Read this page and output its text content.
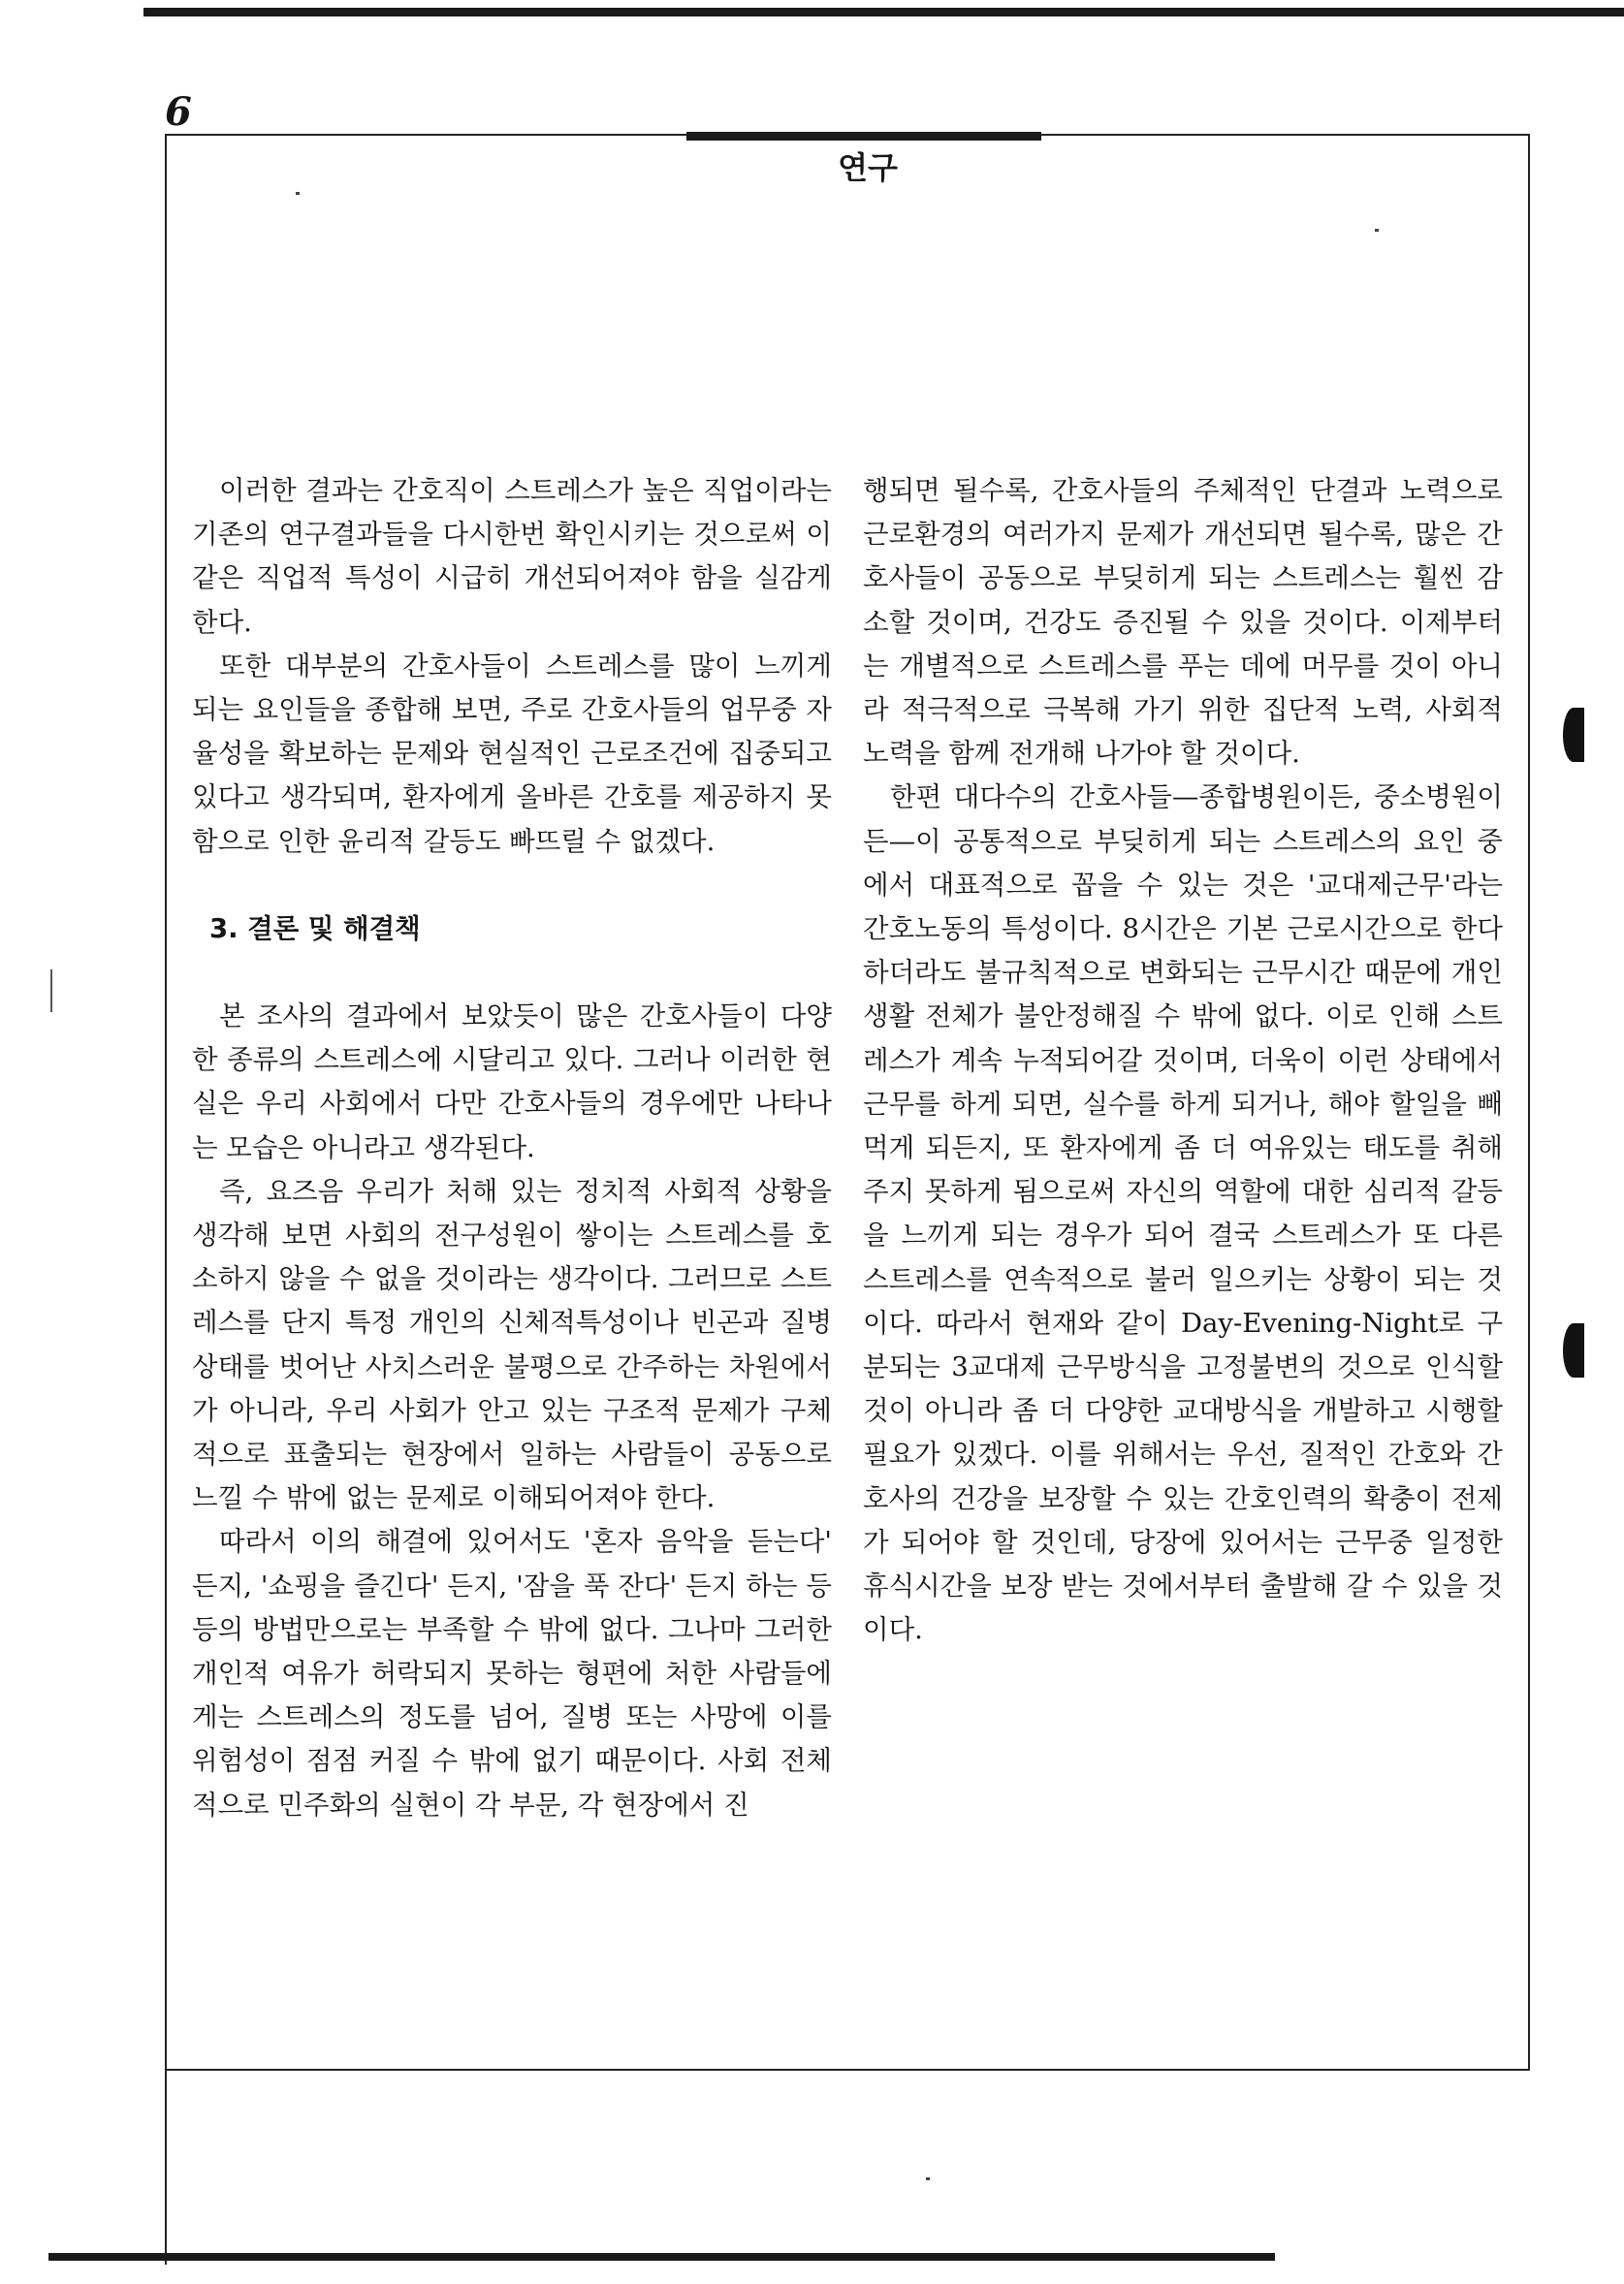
6
연구

이러한 결과는 간호직이 스트레스가 높은 직업이라는 기존의 연구결과들을 다시한번 확인시키는 것으로써 이같은 직업적 특성이 시급히 개선되어져야 함을 실감게 한다.

또한 대부분의 간호사들이 스트레스를 많이 느끼게 되는 요인들을 종합해 보면, 주로 간호사들의 업무중 자율성을 확보하는 문제와 현실적인 근로조건에 집중되고 있다고 생각되며, 환자에게 올바른 간호를 제공하지 못함으로 인한 윤리적 갈등도 빠뜨릴 수 없겠다.

3. 결론 및 해결책

본 조사의 결과에서 보았듯이 많은 간호사들이 다양한 종류의 스트레스에 시달리고 있다. 그러나 이러한 현실은 우리 사회에서 다만 간호사들의 경우에만 나타나는 모습은 아니라고 생각된다.

즉, 요즈음 우리가 처해 있는 정치적 사회적 상황을 생각해 보면 사회의 전구성원이 쌓이는 스트레스를 호소하지 않을 수 없을 것이라는 생각이다. 그러므로 스트레스를 단지 특정 개인의 신체적특성이나 빈곤과 질병상태를 벗어난 사치스러운 불평으로 간주하는 차원에서가 아니라, 우리 사회가 안고 있는 구조적 문제가 구체적으로 표출되는 현장에서 일하는 사람들이 공동으로 느낄 수 밖에 없는 문제로 이해되어져야 한다.

따라서 이의 해결에 있어서도 '혼자 음악을 듣는다' 든지, '쇼핑을 즐긴다' 든지, '잠을 푹 잔다' 든지 하는 등등의 방법만으로는 부족할 수 밖에 없다. 그나마 그러한 개인적 여유가 허락되지 못하는 형편에 처한 사람들에게는 스트레스의 정도를 넘어, 질병 또는 사망에 이를 위험성이 점점 커질 수 밖에 없기 때문이다. 사회 전체적으로 민주화의 실현이 각 부문, 각 현장에서 진

행되면 될수록, 간호사들의 주체적인 단결과 노력으로 근로환경의 여러가지 문제가 개선되면 될수록, 많은 간호사들이 공동으로 부딪히게 되는 스트레스는 훨씬 감소할 것이며, 건강도 증진될 수 있을 것이다. 이제부터는 개별적으로 스트레스를 푸는 데에 머무를 것이 아니라 적극적으로 극복해 가기 위한 집단적 노력, 사회적 노력을 함께 전개해 나가야 할 것이다.

한편 대다수의 간호사들—종합병원이든, 중소병원이든—이 공통적으로 부딪히게 되는 스트레스의 요인 중에서 대표적으로 꼽을 수 있는 것은 '교대제근무'라는 간호노동의 특성이다. 8시간은 기본 근로시간으로 한다하더라도 불규칙적으로 변화되는 근무시간 때문에 개인생활 전체가 불안정해질 수 밖에 없다. 이로 인해 스트레스가 계속 누적되어갈 것이며, 더욱이 이런 상태에서 근무를 하게 되면, 실수를 하게 되거나, 해야 할일을 빼 먹게 되든지, 또 환자에게 좀 더 여유있는 태도를 취해주지 못하게 됨으로써 자신의 역할에 대한 심리적 갈등을 느끼게 되는 경우가 되어 결국 스트레스가 또 다른 스트레스를 연속적으로 불러 일으키는 상황이 되는 것이다. 따라서 현재와 같이 Day-Evening-Night로 구분되는 3교대제 근무방식을 고정불변의 것으로 인식할 것이 아니라 좀 더 다양한 교대방식을 개발하고 시행할 필요가 있겠다. 이를 위해서는 우선, 질적인 간호와 간호사의 건강을 보장할 수 있는 간호인력의 확충이 전제가 되어야 할 것인데, 당장에 있어서는 근무중 일정한 휴식시간을 보장 받는 것에서부터 출발해 갈 수 있을 것이다.
